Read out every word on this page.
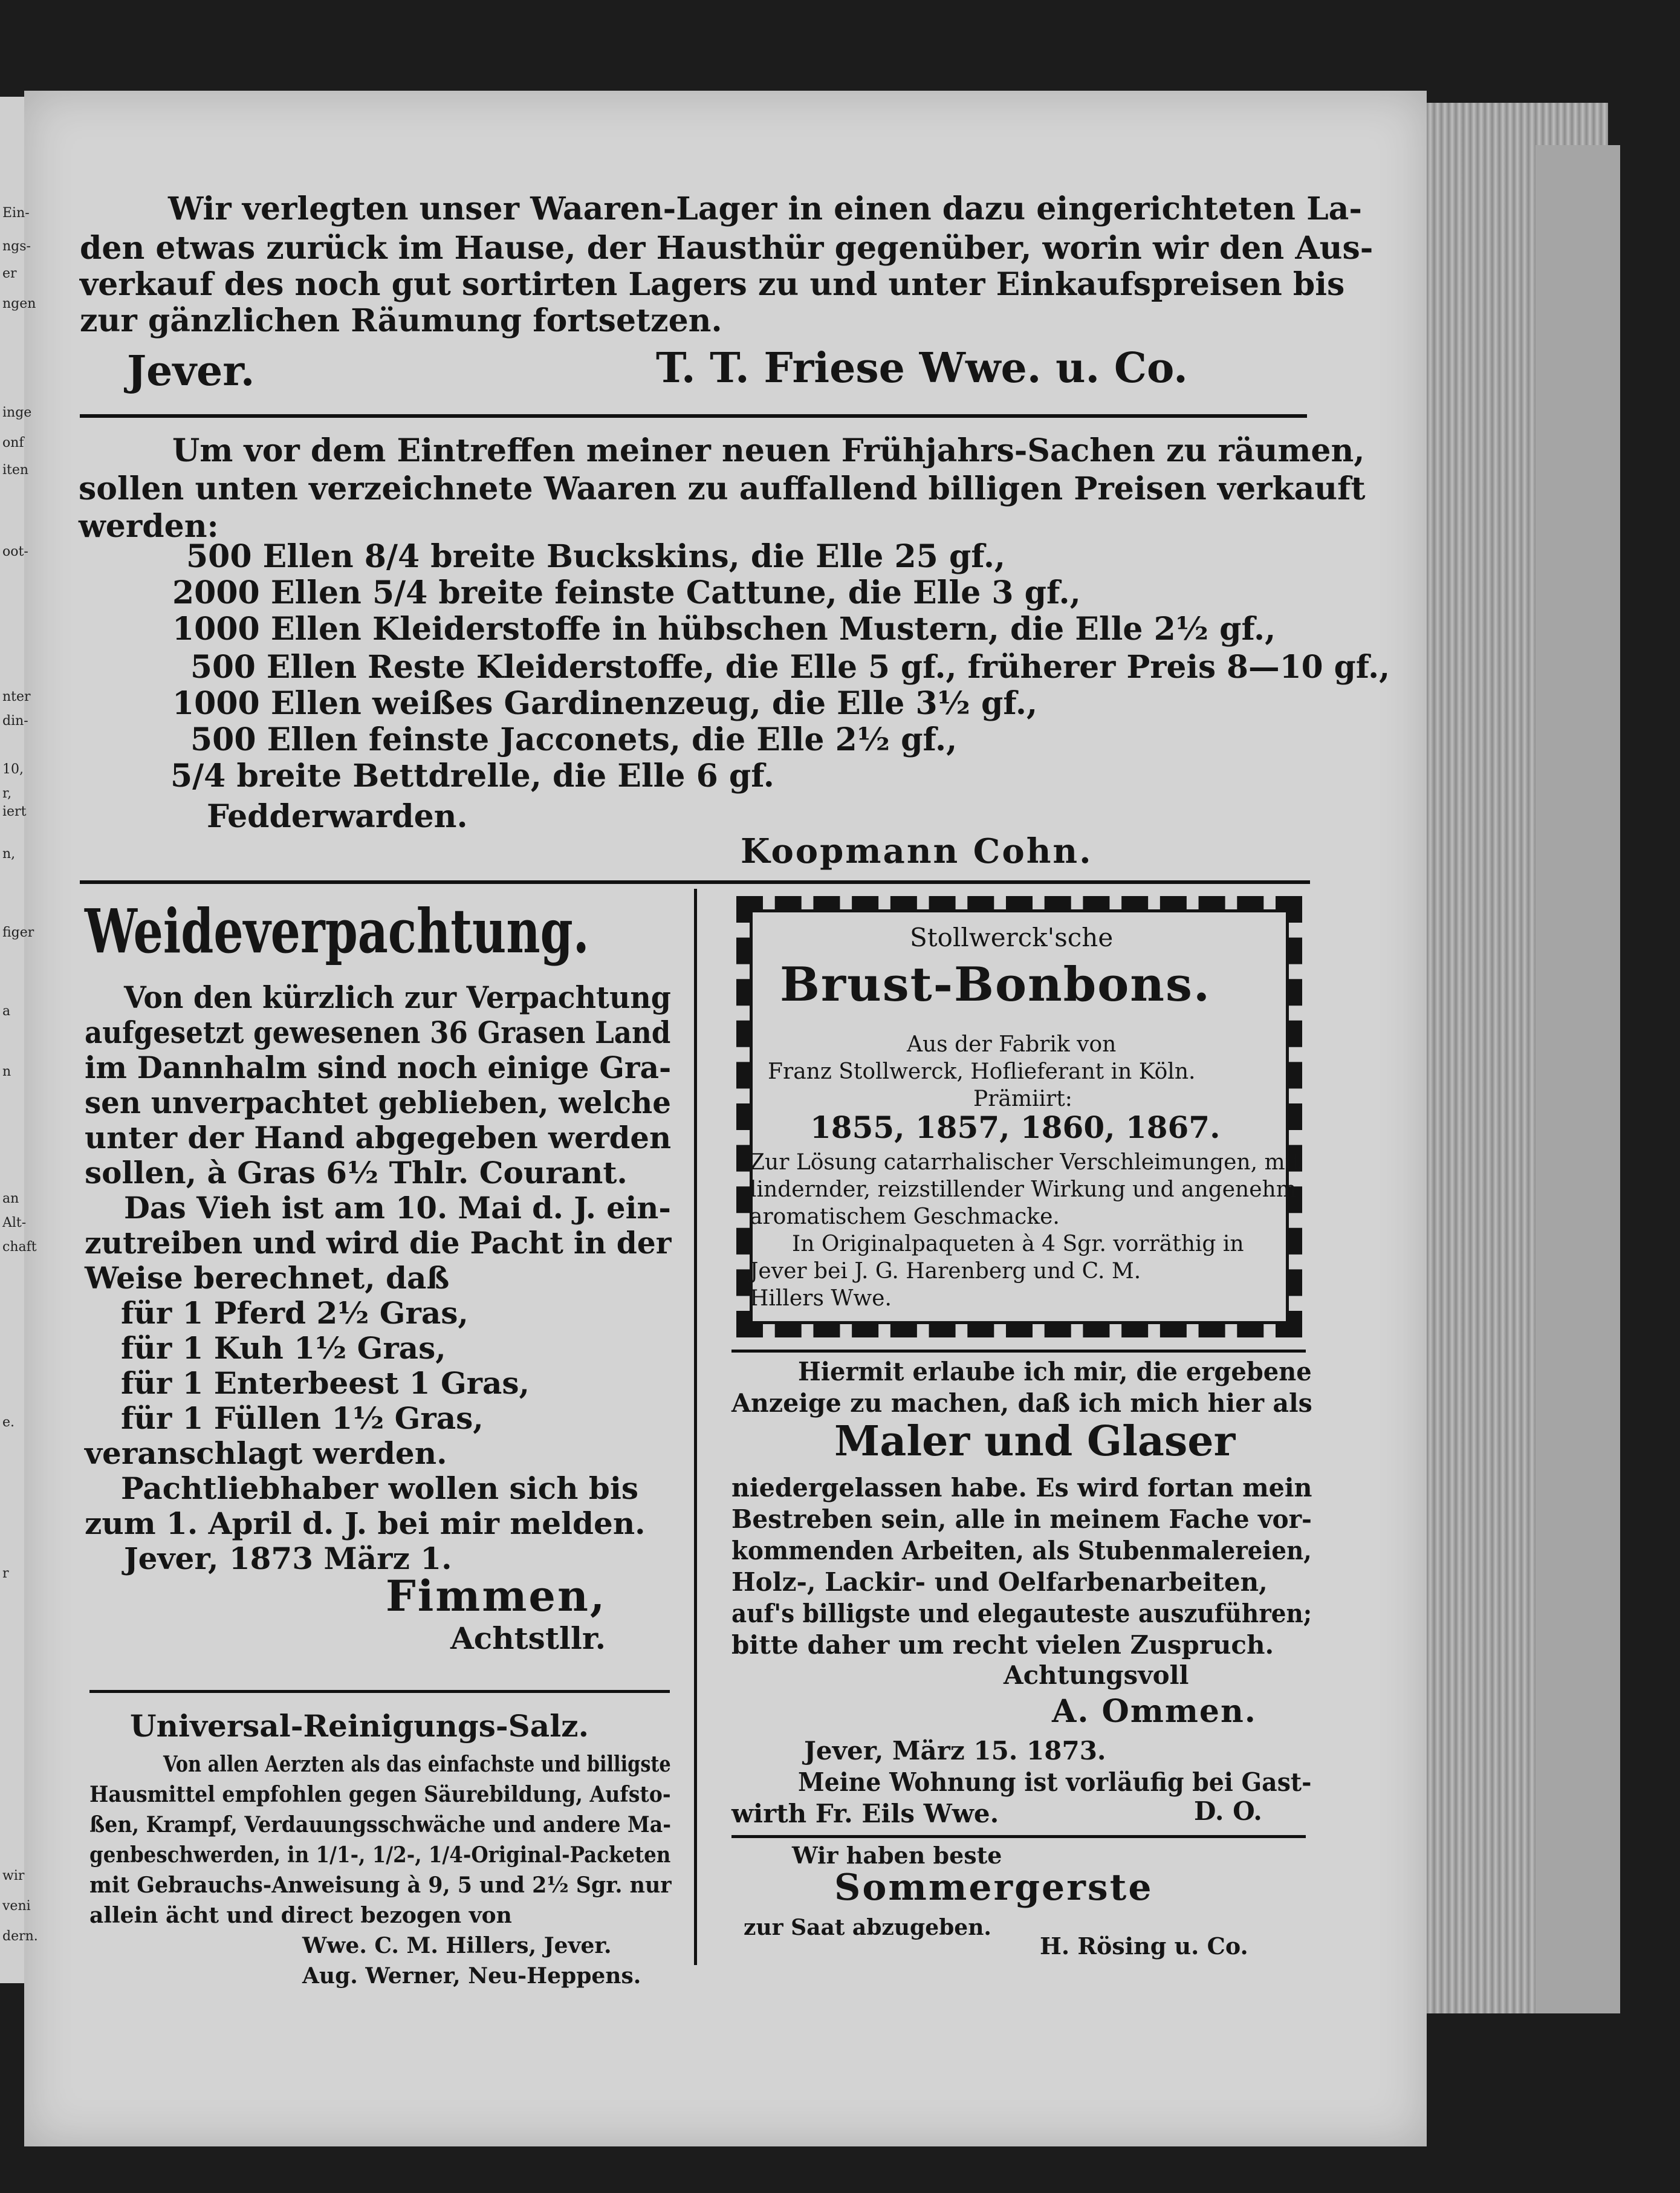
Ein-
ngs-
er
ngen
inge
onf
iten
oot-
nter
din-
10,
r,
iert
n,
figer
a
n
an
Alt-
chaft
e.
r
wir
veni
dern.
Wir verlegten unser Waaren-Lager in einen dazu eingerichteten La-
den etwas zurück im Hause, der Hausthür gegenüber, worin wir den Aus-
verkauf des noch gut sortirten Lagers zu und unter Einkaufspreisen bis
zur gänzlichen Räumung fortsetzen.
Jever.	T. T. Friese Wwe. u. Co.
Um vor dem Eintreffen meiner neuen Frühjahrs-Sachen zu räumen,
sollen unten verzeichnete Waaren zu auffallend billigen Preisen verkauft
werden:
500 Ellen 8/4 breite Buckskins, die Elle 25 gf.,
2000 Ellen 5/4 breite feinste Cattune, die Elle 3 gf.,
1000 Ellen Kleiderstoffe in hübschen Mustern, die Elle 2½ gf.,
500 Ellen Reste Kleiderstoffe, die Elle 5 gf., früherer Preis 8—10 gf.,
1000 Ellen weißes Gardinenzeug, die Elle 3½ gf.,
500 Ellen feinste Jacconets, die Elle 2½ gf.,
5/4 breite Bettdrelle, die Elle 6 gf.
Fedderwarden.
Koopmann Cohn.
Weideverpachtung.
Von den kürzlich zur Verpachtung
aufgesetzt gewesenen 36 Grasen Land
im Dannhalm sind noch einige Gra-
sen unverpachtet geblieben, welche
unter der Hand abgegeben werden
sollen, à Gras 6½ Thlr. Courant.
Das Vieh ist am 10. Mai d. J. ein-
zutreiben und wird die Pacht in der
Weise berechnet, daß
für 1 Pferd 2½ Gras,
für 1 Kuh 1½ Gras,
für 1 Enterbeest 1 Gras,
für 1 Füllen 1½ Gras,
veranschlagt werden.
Pachtliebhaber wollen sich bis
zum 1. April d. J. bei mir melden.
Jever, 1873 März 1.
Fimmen,
Achtstllr.
Universal-Reinigungs-Salz.
Von allen Aerzten als das einfachste und billigste
Hausmittel empfohlen gegen Säurebildung, Aufsto-
ßen, Krampf, Verdauungsschwäche und andere Ma-
genbeschwerden, in 1/1-, 1/2-, 1/4-Original-Packeten
mit Gebrauchs-Anweisung à 9, 5 und 2½ Sgr. nur
allein ächt und direct bezogen von
Wwe. C. M. Hillers, Jever.
Aug. Werner, Neu-Heppens.
Stollwerck'sche
Brust-Bonbons.
Aus der Fabrik von
Franz Stollwerck, Hoflieferant in Köln.
Prämiirt:
1855, 1857, 1860, 1867.
Zur Lösung catarrhalischer Verschleimungen, mit
lindernder, reizstillender Wirkung und angenehm
aromatischem Geschmacke.
In Originalpaqueten à 4 Sgr. vorräthig in
Jever bei J. G. Harenberg und C. M.
Hillers Wwe.
Hiermit erlaube ich mir, die ergebene
Anzeige zu machen, daß ich mich hier als
Maler und Glaser
niedergelassen habe. Es wird fortan mein
Bestreben sein, alle in meinem Fache vor-
kommenden Arbeiten, als Stubenmalereien,
Holz-, Lackir- und Oelfarbenarbeiten,
auf's billigste und elegauteste auszuführen;
bitte daher um recht vielen Zuspruch.
Achtungsvoll
A. Ommen.
Jever, März 15. 1873.
Meine Wohnung ist vorläufig bei Gast-
wirth Fr. Eils Wwe.	D. O.
Wir haben beste
Sommergerste
zur Saat abzugeben.
H. Rösing u. Co.
